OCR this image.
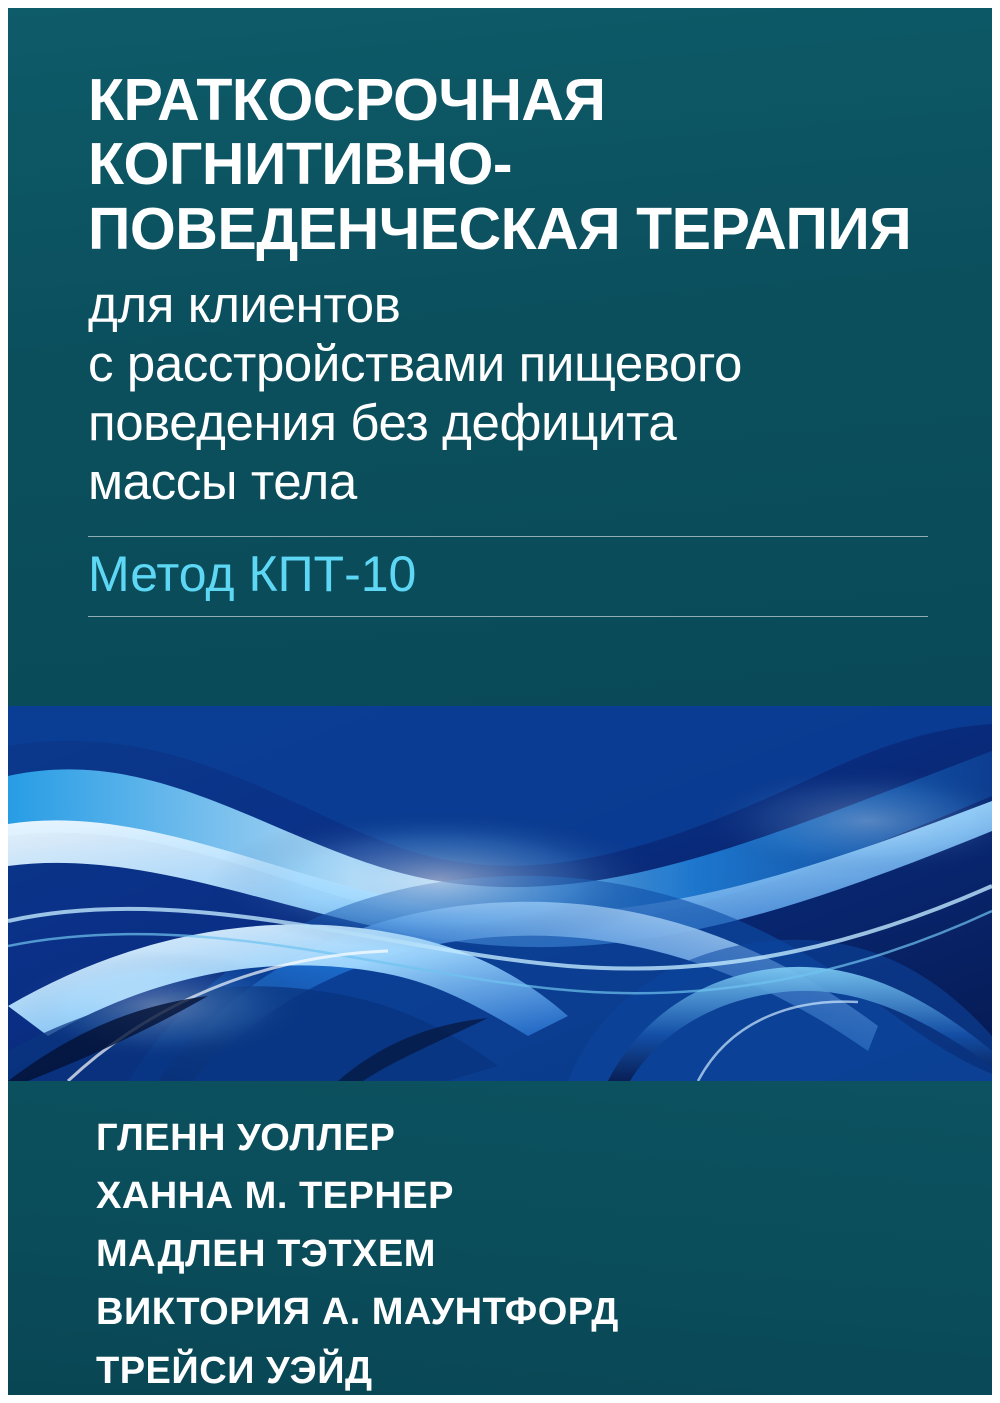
КРАТКОСРОЧНАЯ
КОГНИТИВНО-
ПОВЕДЕНЧЕСКАЯ ТЕРАПИЯ

для клиентов
с расстройствами пищевого
поведения без дефицита
массы тела

Метод КПТ-10
ГЛЕНН УОЛЛЕР
ХАННА М. ТЕРНЕР
МАДЛЕН ТЭТХЕМ
ВИКТОРИЯ А. МАУНТФОРД
ТРЕЙСИ УЭЙД
